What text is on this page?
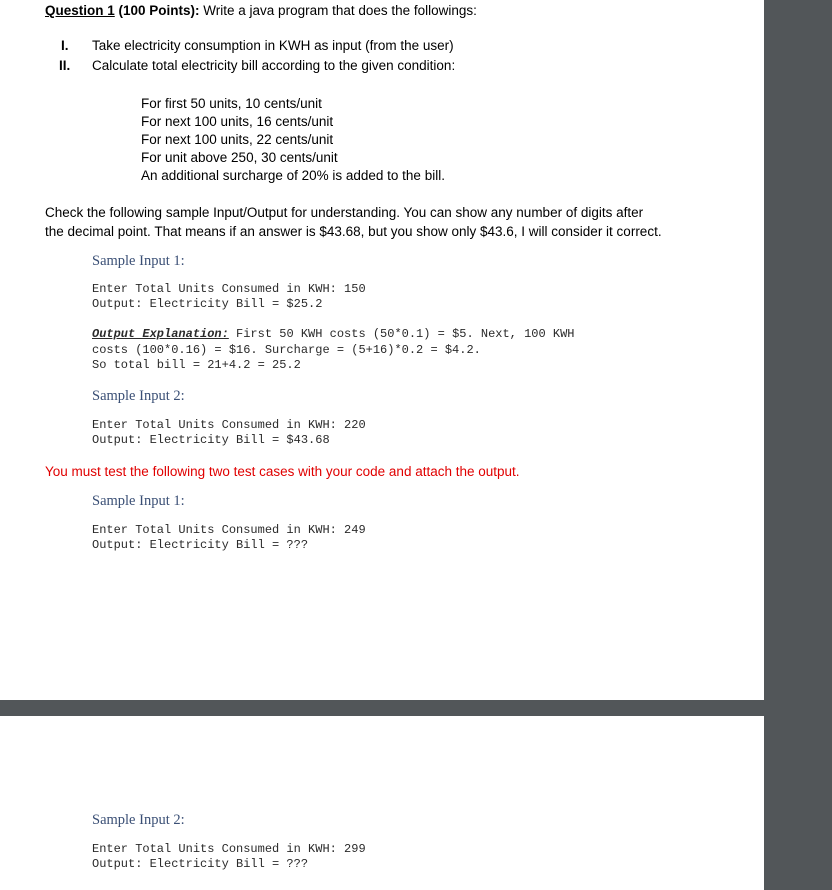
Question 1 (100 Points): Write a java program that does the followings:
I. Take electricity consumption in KWH as input (from the user)
II. Calculate total electricity bill according to the given condition:
For first 50 units, 10 cents/unit
For next 100 units, 16 cents/unit
For next 100 units, 22 cents/unit
For unit above 250, 30 cents/unit
An additional surcharge of 20% is added to the bill.
Check the following sample Input/Output for understanding. You can show any number of digits after
the decimal point. That means if an answer is $43.68, but you show only $43.6, I will consider it correct.
Sample Input 1:
Enter Total Units Consumed in KWH: 150
Output: Electricity Bill = $25.2
Output Explanation: First 50 KWH costs (50*0.1) = $5. Next, 100 KWH
costs (100*0.16) = $16. Surcharge = (5+16)*0.2 = $4.2.
So total bill = 21+4.2 = 25.2
Sample Input 2:
Enter Total Units Consumed in KWH: 220
Output: Electricity Bill = $43.68
You must test the following two test cases with your code and attach the output.
Sample Input 1:
Enter Total Units Consumed in KWH: 249
Output: Electricity Bill = ???
Sample Input 2:
Enter Total Units Consumed in KWH: 299
Output: Electricity Bill = ???
